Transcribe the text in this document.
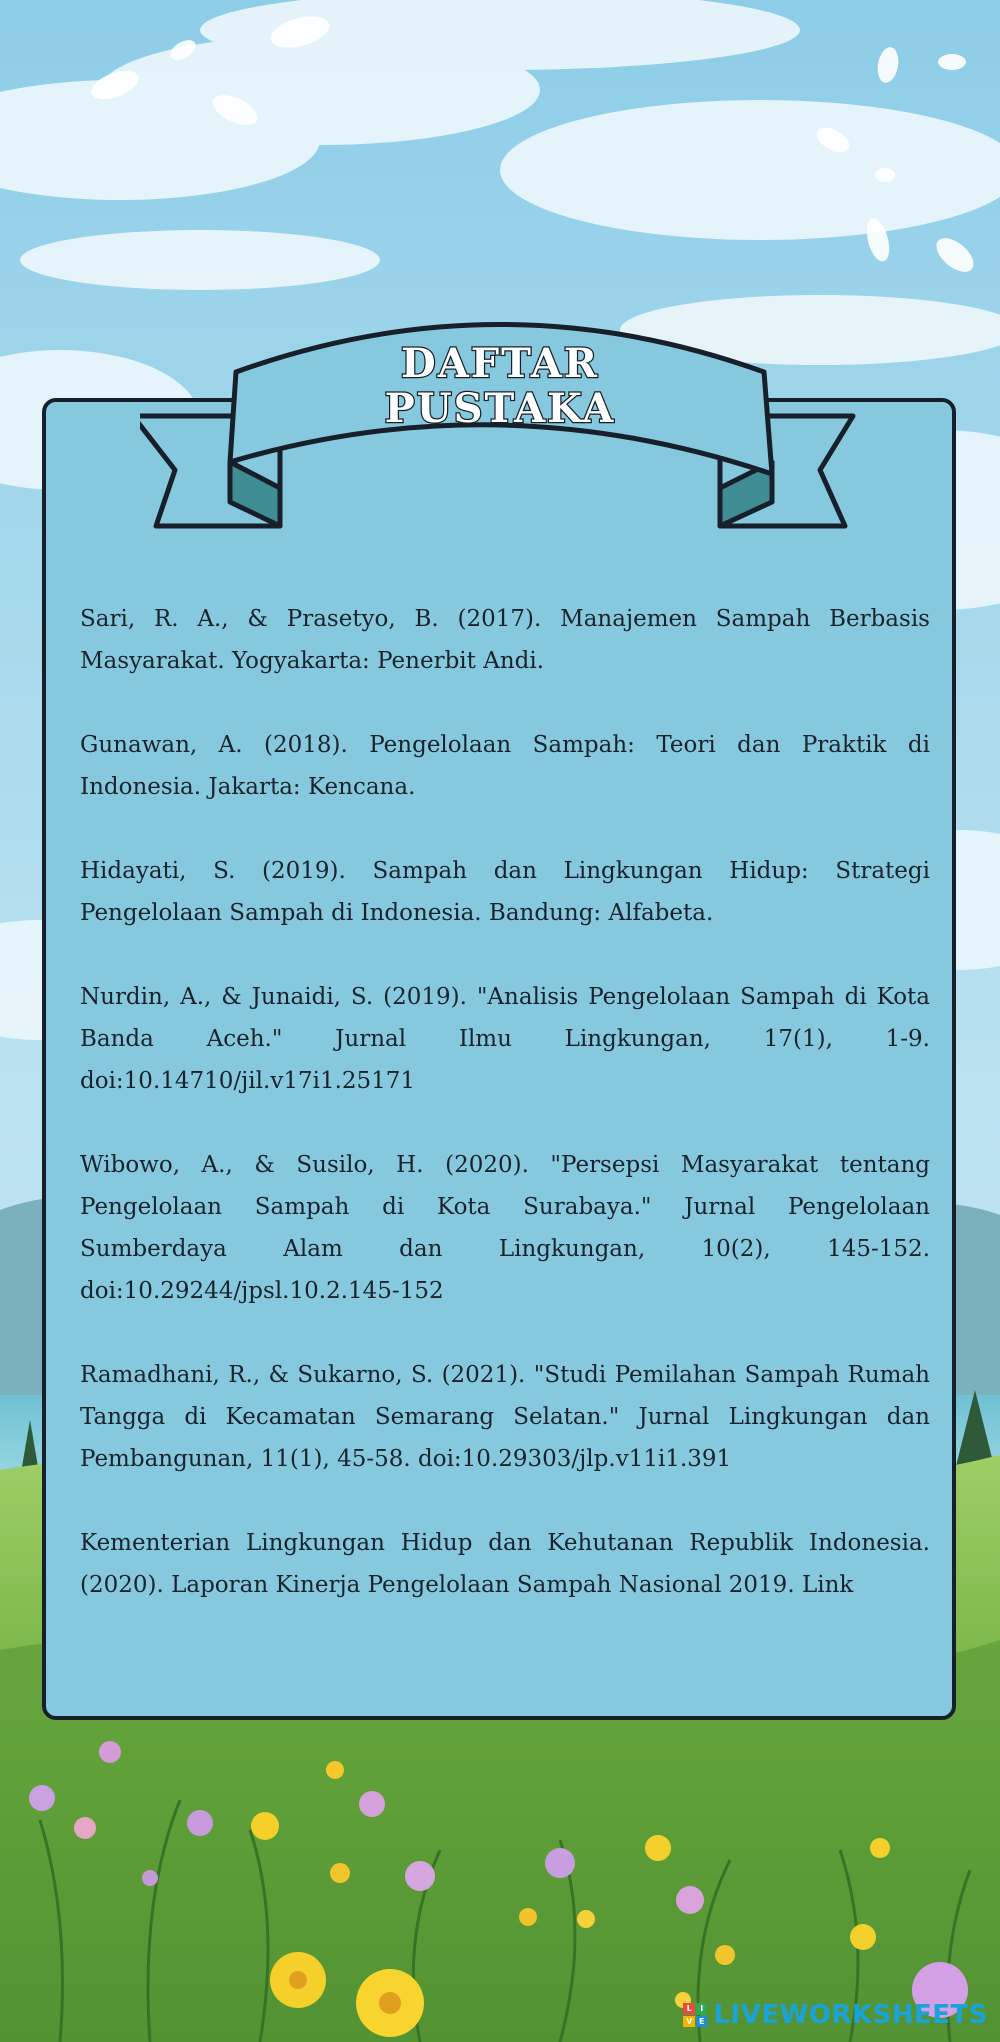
Sari, R. A., & Prasetyo, B. (2017). Manajemen Sampah Berbasis Masyarakat. Yogyakarta: Penerbit Andi.
Gunawan, A. (2018). Pengelolaan Sampah: Teori dan Praktik di Indonesia. Jakarta: Kencana.
Hidayati, S. (2019). Sampah dan Lingkungan Hidup: Strategi Pengelolaan Sampah di Indonesia. Bandung: Alfabeta.
Nurdin, A., & Junaidi, S. (2019). "Analisis Pengelolaan Sampah di Kota Banda Aceh." Jurnal Ilmu Lingkungan, 17(1), 1-9. doi:10.14710/jil.v17i1.25171
Wibowo, A., & Susilo, H. (2020). "Persepsi Masyarakat tentang Pengelolaan Sampah di Kota Surabaya." Jurnal Pengelolaan Sumberdaya Alam dan Lingkungan, 10(2), 145-152. doi:10.29244/jpsl.10.2.145-152
Ramadhani, R., & Sukarno, S. (2021). "Studi Pemilahan Sampah Rumah Tangga di Kecamatan Semarang Selatan." Jurnal Lingkungan dan Pembangunan, 11(1), 45-58. doi:10.29303/jlp.v11i1.391
Kementerian Lingkungan Hidup dan Kehutanan Republik Indonesia. (2020). Laporan Kinerja Pengelolaan Sampah Nasional 2019. Link
DAFTAR
PUSTAKA
L	I
V E LIVEWORKSHEETS
